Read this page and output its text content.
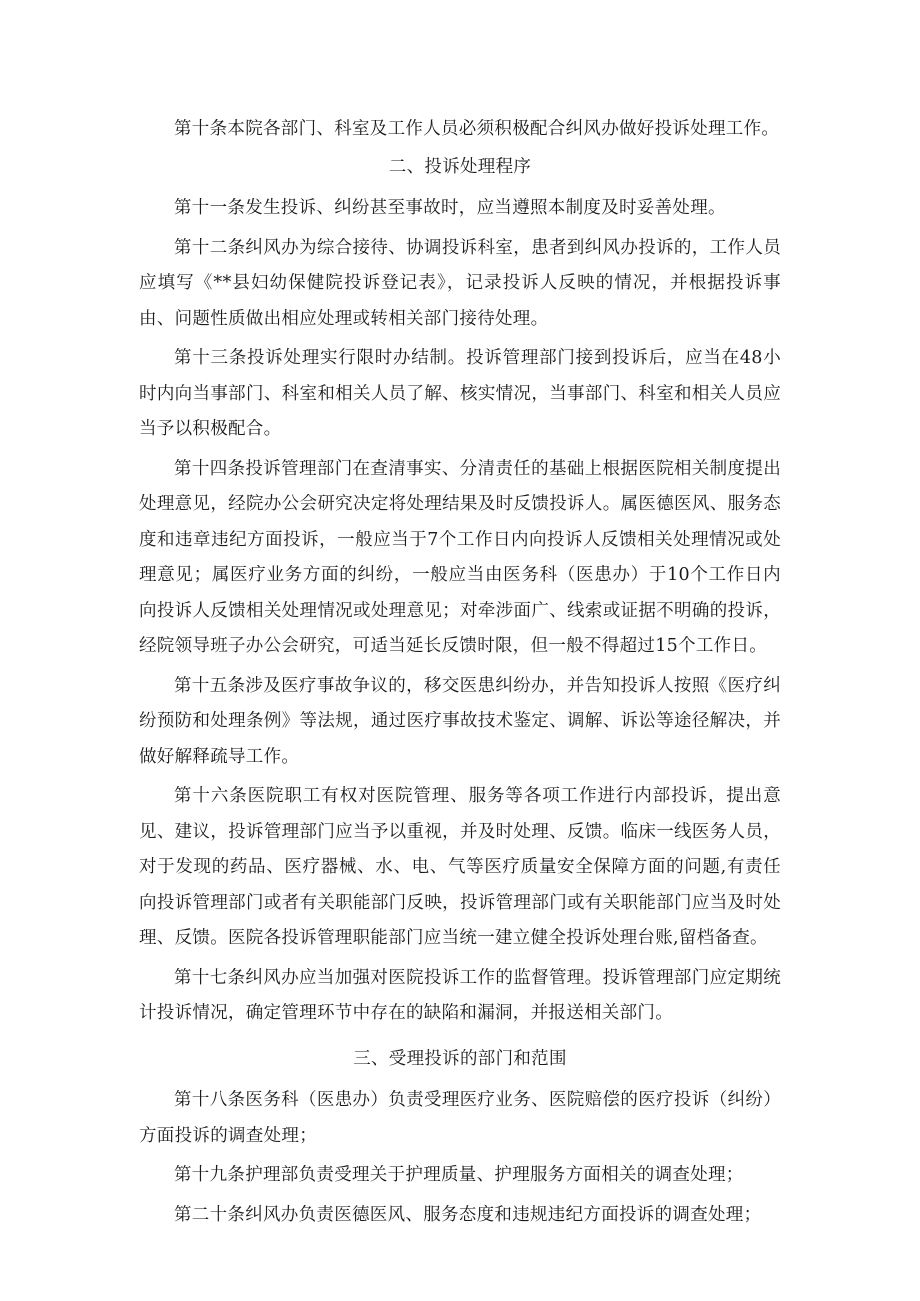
第十条本院各部门、科室及工作人员必须积极配合纠风办做好投诉处理工作。

二、投诉处理程序

第十一条发生投诉、纠纷甚至事故时，应当遵照本制度及时妥善处理。

第十二条纠风办为综合接待、协调投诉科室，患者到纠风办投诉的，工作人员应填写《**县妇幼保健院投诉登记表》，记录投诉人反映的情况，并根据投诉事由、问题性质做出相应处理或转相关部门接待处理。

第十三条投诉处理实行限时办结制。投诉管理部门接到投诉后，应当在48小时内向当事部门、科室和相关人员了解、核实情况，当事部门、科室和相关人员应当予以积极配合。

第十四条投诉管理部门在查清事实、分清责任的基础上根据医院相关制度提出处理意见，经院办公会研究决定将处理结果及时反馈投诉人。属医德医风、服务态度和违章违纪方面投诉，一般应当于7个工作日内向投诉人反馈相关处理情况或处理意见；属医疗业务方面的纠纷，一般应当由医务科（医患办）于10个工作日内向投诉人反馈相关处理情况或处理意见；对牵涉面广、线索或证据不明确的投诉，经院领导班子办公会研究，可适当延长反馈时限，但一般不得超过15个工作日。

第十五条涉及医疗事故争议的，移交医患纠纷办，并告知投诉人按照《医疗纠纷预防和处理条例》等法规，通过医疗事故技术鉴定、调解、诉讼等途径解决，并做好解释疏导工作。

第十六条医院职工有权对医院管理、服务等各项工作进行内部投诉，提出意见、建议，投诉管理部门应当予以重视，并及时处理、反馈。临床一线医务人员，对于发现的药品、医疗器械、水、电、气等医疗质量安全保障方面的问题,有责任向投诉管理部门或者有关职能部门反映，投诉管理部门或有关职能部门应当及时处理、反馈。医院各投诉管理职能部门应当统一建立健全投诉处理台账,留档备查。

第十七条纠风办应当加强对医院投诉工作的监督管理。投诉管理部门应定期统计投诉情况，确定管理环节中存在的缺陷和漏洞，并报送相关部门。

三、受理投诉的部门和范围

第十八条医务科（医患办）负责受理医疗业务、医院赔偿的医疗投诉（纠纷）方面投诉的调查处理；

第十九条护理部负责受理关于护理质量、护理服务方面相关的调查处理；

第二十条纠风办负责医德医风、服务态度和违规违纪方面投诉的调查处理；
